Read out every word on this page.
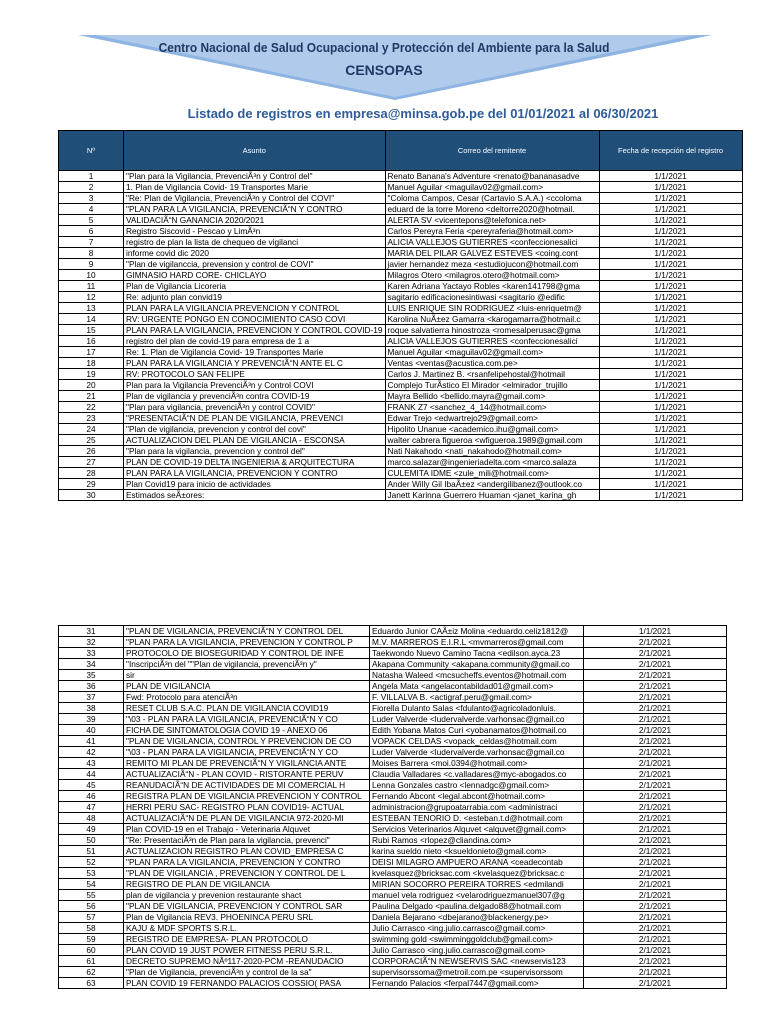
Centro Nacional de Salud Ocupacional y Protección del Ambiente para la Salud
CENSOPAS
Listado de registros en empresa@minsa.gob.pe del 01/01/2021 al 06/30/2021
Nº	Asunto	Correo del remitente	Fecha de recepción del registro
1	"Plan para la Vigilancia, PrevenciÃ³n y Control del"	Renato Banana's Adventure <renato@bananasadve	1/1/2021
2	1. Plan de Vigilancia Covid- 19 Transportes Marie	Manuel Aguilar <maguilav02@gmail.com>	1/1/2021
3	"Re: Plan de Vigilancia, PrevenciÃ³n y Control del COVI"	"Coloma Campos, Cesar (Cartavio S.A.A.) <ccoloma	1/1/2021
4	"PLAN PARA LA VIGILANCIA, PREVENCIÃ“N Y CONTRO	eduard de la torre Moreno <deltorre2020@hotmail.	1/1/2021
5	VALIDACIÃ“N GANANCIA 2020/2021	ALERTA SV <vicentepons@telefonica.net>	1/1/2021
6	Registro Siscovid - Pescao y LimÃ³n	Carlos Pereyra Feria <pereyraferia@hotmail.com>	1/1/2021
7	registro de plan la lista de chequeo de vigilanci	ALICIA VALLEJOS GUTIERRES <confeccionesalici	1/1/2021
8	informe covid dic 2020	MARIA DEL PILAR GALVEZ ESTEVES <coing.cont	1/1/2021
9	"Plan de vigilanccia, prevension y control de COVI"	javier hernandez meza <estudiojucon@hotmail.com	1/1/2021
10	GIMNASIO HARD CORE- CHICLAYO	Milagros Otero <milagros.otero@hotmail.com>	1/1/2021
11	Plan de Vigilancia Licoreria	Karen Adriana Yactayo Robles <karen141798@gma	1/1/2021
12	Re: adjunto plan convid19	sagitario edificacionesintiwasi <sagitario @edific	1/1/2021
13	PLAN PARA LA VIGILANCIA PREVENCION Y CONTROL	LUIS ENRIQUE SIN RODRIGUEZ <luis-enriquetm@	1/1/2021
14	RV: URGENTE PONGO EN CONOCIMIENTO CASO COVI	Karolina NuÃ±ez Gamarra <karogamarra@hotmail.c	1/1/2021
15	PLAN PARA LA VIGILANCIA, PREVENCION Y CONTROL COVID-19	roque salvatierra hinostroza <romesalperusac@gma	1/1/2021
16	registro del plan de covid-19 para empresa de 1 a	ALICIA VALLEJOS GUTIERRES <confeccionesalici	1/1/2021
17	Re: 1. Plan de Vigilancia Covid- 19 Transportes Marie	Manuel Aguilar <maguilav02@gmail.com>	1/1/2021
18	PLAN PARA LA VIGILANCIA Y PREVENCIÃ“N ANTE EL C	Ventas <ventas@acustica.com.pe>	1/1/2021
19	RV: PROTOCOLO SAN FELIPE	Carlos J. Martinez B. <rsanfelipehostal@hotmail	1/1/2021
20	Plan para la Vigilancia PrevenciÃ³n y Control COVI	Complejo TurÃstico El Mirador <elmirador_trujillo	1/1/2021
21	Plan de vigilancia y prevenciÃ³n contra COVID-19	Mayra Bellido <bellido.mayra@gmail.com>	1/1/2021
22	"Plan para vigilancia, prevenciÃ³n y control COVID"	FRANK Z7 <sanchez_4_14@hotmail.com>	1/1/2021
23	"PRESENTACIÃ“N DE PLAN DE VIGILANCIA, PREVENCI	Edwar Trejo <edwartrejo29@gmail.com>	1/1/2021
24	"Plan de vigilancia, prevencion y control del covi"	Hipolito Unanue <academico.ihu@gmail.com>	1/1/2021
25	ACTUALIZACION DEL PLAN DE VIGILANCIA - ESCONSA	walter cabrera figueroa <wfigueroa.1989@gmail.com	1/1/2021
26	"Plan para la vigilancia, prevencion y control del"	Nati Nakahodo <nati_nakahodo@hotmail.com>	1/1/2021
27	PLAN DE COVID-19 DELTA INGENIERIA & ARQUITECTURA	marco.salazar@ingenieriadelta.com <marco.salaza	1/1/2021
28	PLAN PARA LA VIGILANCIA, PREVENCION Y CONTRO	CULEMITA IDME <zule_mili@hotmail.com>	1/1/2021
29	Plan Covid19 para inicio de actividades	Ander Willy Gil IbaÃ±ez <andergilibanez@outlook.co	1/1/2021
30	Estimados seÃ±ores:	Janett Karinna Guerrero Huaman <janet_karina_gh	1/1/2021
31	"PLAN DE VIGILANCIA, PREVENCIÃ“N Y CONTROL DEL	Eduardo Junior CAÃ±iz Molina <eduardo.celiz1812@	1/1/2021
32	"PLAN PARA LA VIGILANCIA, PREVENCION Y CONTROL P	M.V. MARREROS E.I.R.L <mvmarreros@gmail.com	2/1/2021
33	PROTOCOLO DE BIOSEGURIDAD Y CONTROL DE INFE	Taekwondo Nuevo Camino Tacna <edilson.ayca.23	2/1/2021
34	"InscripciÃ³n del ""Plan de vigilancia, prevenciÃ³n y"	Akapana Community <akapana.community@gmail.co	2/1/2021
35	sir	Natasha Waleed <mcsucheffs.eventos@hotmail.com	2/1/2021
36	PLAN DE VIGILANCIA	Angela Mata <angelacontabildad01@gmail.com>	2/1/2021
37	Fwd: Protocolo para atenciÃ³n	F. VILLALVA B. <actigraf.peru@gmail.com>	2/1/2021
38	RESET CLUB S.A.C. PLAN DE VIGILANCIA COVID19	Fiorella Dulanto Salas <fdulanto@agricoladonluis.	2/1/2021
39	"\03 - PLAN PARA LA VIGILANCIA, PREVENCIÃ“N Y CO	Luder Valverde <ludervalverde.varhonsac@gmail.co	2/1/2021
40	FICHA DE SINTOMATOLOGIA COVID 19 - ANEXO 06	Edith Yobana Matos Curi <yobanamatos@hotmail.co	2/1/2021
41	"PLAN DE VIGILANCIA, CONTROL Y PREVENCION DE CO	VOPACK CELDAS <vopack_celdas@hotmail.com	2/1/2021
42	"\03 - PLAN PARA LA VIGILANCIA, PREVENCIÃ“N Y CO	Luder Valverde <ludervalverde.varhonsac@gmail.co	2/1/2021
43	REMITO MI PLAN DE PREVENCIÃ“N Y VIGILANCIA ANTE	Moises Barrera <moi.0394@hotmail.com>	2/1/2021
44	ACTUALIZACIÃ“N - PLAN COVID - RISTORANTE PERUV	Claudia Valladares <c.valladares@myc-abogados.co	2/1/2021
45	REANUDACIÃ“N DE ACTIVIDADES DE MI COMERCIAL H	Lenna Gonzales castro <lennadgc@gmail.com>	2/1/2021
46	REGISTRA PLAN DE VIGILANCIA PREVENCION Y CONTROL	Fernando Abcont <legal.abcont@hotmail.com>	2/1/2021
47	HERRI PERU SAC- REGISTRO PLAN COVID19- ACTUAL	administracion@grupoatarrabia.com <administraci	2/1/2021
48	ACTUALIZACIÃ“N DE PLAN DE VIGILANCIA 972-2020-MI	ESTEBAN TENORIO D. <esteban.t.d@hotmail.com	2/1/2021
49	Plan COVID-19 en el Trabajo - Veterinaria Alquvet	Servicios Veterinarios Alquvet <alquvet@gmail.com>	2/1/2021
50	"Re: PresentaciÃ³n de Plan para la vigilancia, prevenci"	Rubi Ramos <rlopez@cliandina.com>	2/1/2021
51	ACTUALIZACION REGISTRO PLAN COVID_EMPRESA C	karina sueldo nieto <ksueldonieto@gmail.com>	2/1/2021
52	"PLAN PARA LA VIGILANCIA, PREVENCION Y CONTRO	DEISI MILAGRO AMPUERO ARANA <ceadecontab	2/1/2021
53	"PLAN DE VIGILANCIA , PREVENCION Y CONTROL DE L	kvelasquez@bricksac.com <kvelasquez@bricksac.c	2/1/2021
54	REGISTRO DE PLAN DE VIGILANCIA	MIRIAN SOCORRO PEREIRA TORRES <edmilandi	2/1/2021
55	plan de vigilancia y prevenion restaurante shact	manuel vela rodriguez <velarodriguezmanuel307@g	2/1/2021
56	"PLAN DE VIGILANCIA, PREVENCION Y CONTROL SAR	Paulina Delgado <paulina.delgado88@hotmail.com	2/1/2021
57	Plan de Vigilancia REV3. PHOENINCA PERU SRL	Daniela Bejarano <dbejarano@blackenergy.pe>	2/1/2021
58	KAJU & MDF SPORTS S.R.L.	Julio Carrasco <ing.julio.carrasco@gmail.com>	2/1/2021
59	REGISTRO DE EMPRESA- PLAN PROTOCOLO	swimming gold <swimminggoldclub@gmail.com>	2/1/2021
60	PLAN COVID 19 JUST POWER FITNESS PERU S.R.L.	Julio Carrasco <ing.julio.carrasco@gmail.com>	2/1/2021
61	DECRETO SUPREMO NÂº117-2020-PCM -REANUDACIO	CORPORACIÃ“N NEWSERVIS SAC <newservis123	2/1/2021
62	"Plan de Vigilancia, prevenciÃ³n y control de la sa"	supervisorssoma@metroil.com.pe <supervisorssom	2/1/2021
63	PLAN COVID 19 FERNANDO PALACIOS COSSIO( PASA	Fernando Palacios <ferpal7447@gmail.com>	2/1/2021
